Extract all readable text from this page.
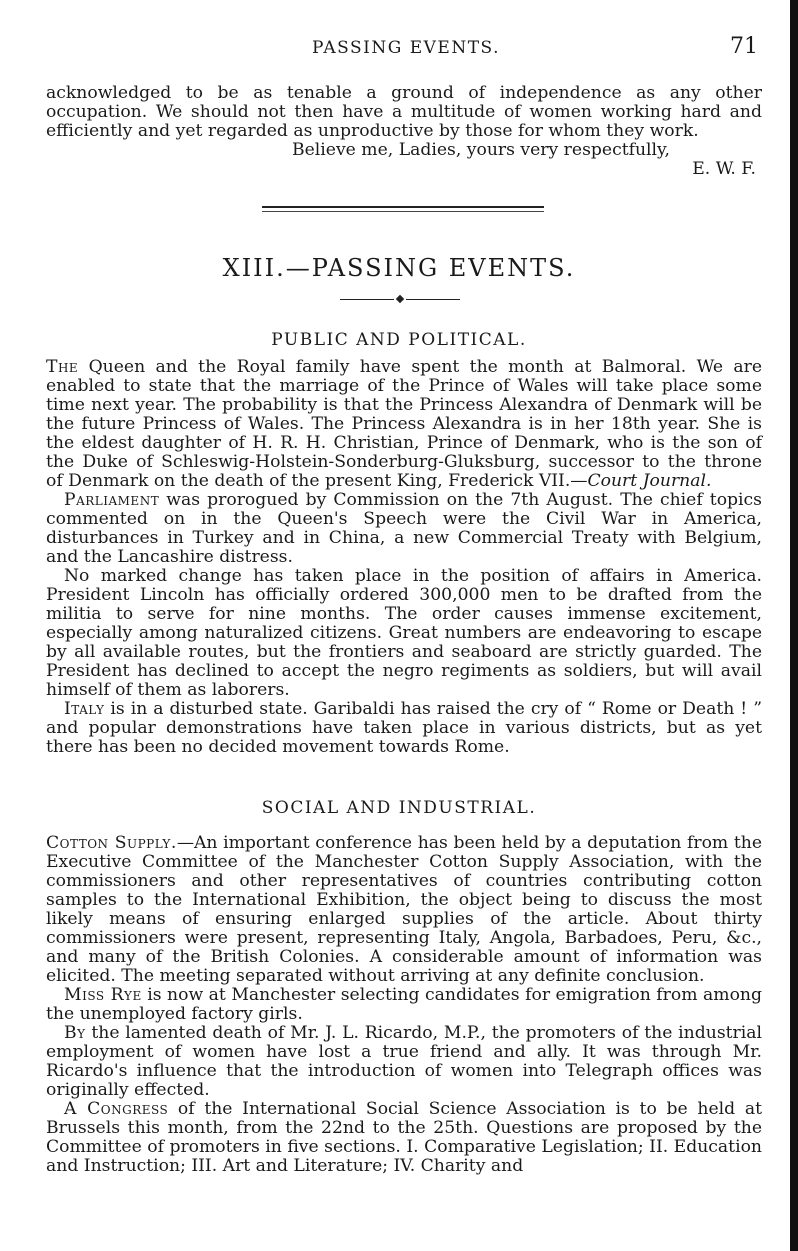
PASSING EVENTS.	71

acknowledged to be as tenable a ground of independence as any other occupation. We should not then have a multitude of women working hard and efficiently and yet regarded as unproductive by those for whom they work.

Believe me, Ladies, yours very respectfully,
E. W. F.
XIII.—PASSING EVENTS.
PUBLIC AND POLITICAL.

The Queen and the Royal family have spent the month at Balmoral. We are enabled to state that the marriage of the Prince of Wales will take place some time next year. The probability is that the Princess Alexandra of Denmark will be the future Princess of Wales. The Princess Alexandra is in her 18th year. She is the eldest daughter of H. R. H. Christian, Prince of Denmark, who is the son of the Duke of Schleswig-Holstein-Sonderburg-Gluksburg, successor to the throne of Denmark on the death of the present King, Frederick VII.—Court Journal.

Parliament was prorogued by Commission on the 7th August. The chief topics commented on in the Queen's Speech were the Civil War in America, disturbances in Turkey and in China, a new Commercial Treaty with Belgium, and the Lancashire distress.

No marked change has taken place in the position of affairs in America. President Lincoln has officially ordered 300,000 men to be drafted from the militia to serve for nine months. The order causes immense excitement, especially among naturalized citizens. Great numbers are endeavoring to escape by all available routes, but the frontiers and seaboard are strictly guarded. The President has declined to accept the negro regiments as soldiers, but will avail himself of them as laborers.

Italy is in a disturbed state. Garibaldi has raised the cry of “ Rome or Death ! ” and popular demonstrations have taken place in various districts, but as yet there has been no decided movement towards Rome.

SOCIAL AND INDUSTRIAL.

Cotton Supply.—An important conference has been held by a deputation from the Executive Committee of the Manchester Cotton Supply Association, with the commissioners and other representatives of countries contributing cotton samples to the International Exhibition, the object being to discuss the most likely means of ensuring enlarged supplies of the article. About thirty commissioners were present, representing Italy, Angola, Barbadoes, Peru, &c., and many of the British Colonies. A considerable amount of information was elicited. The meeting separated without arriving at any definite conclusion.

Miss Rye is now at Manchester selecting candidates for emigration from among the unemployed factory girls.

By the lamented death of Mr. J. L. Ricardo, M.P., the promoters of the industrial employment of women have lost a true friend and ally. It was through Mr. Ricardo's influence that the introduction of women into Telegraph offices was originally effected.

A Congress of the International Social Science Association is to be held at Brussels this month, from the 22nd to the 25th. Questions are proposed by the Committee of promoters in five sections. I. Comparative Legislation; II. Education and Instruction; III. Art and Literature; IV. Charity and
